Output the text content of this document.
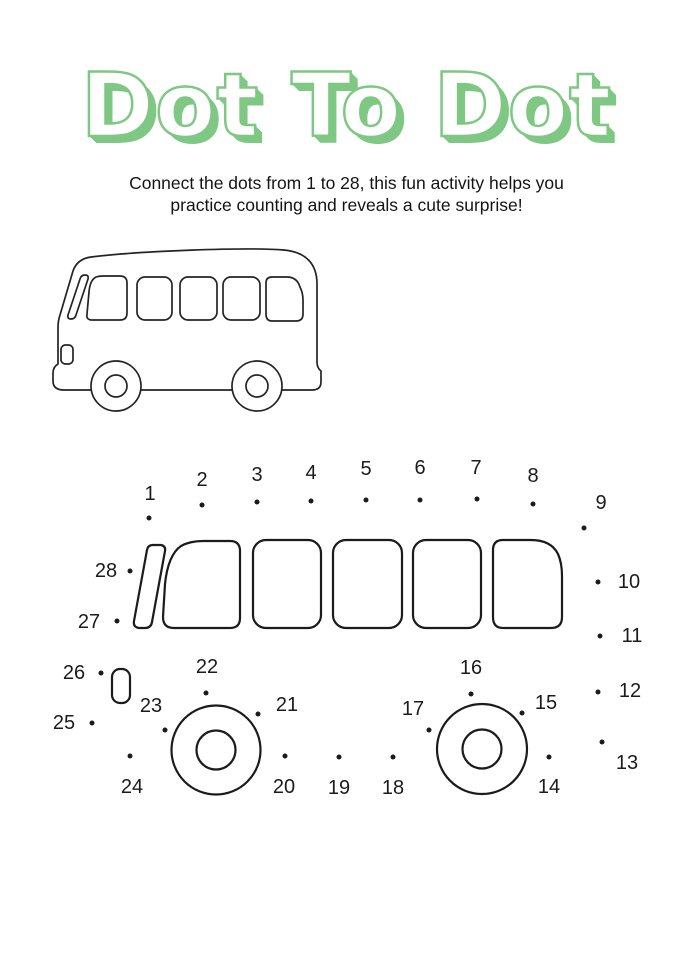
Dot To Dot
Connect the dots from 1 to 28, this fun activity helps you
practice counting and reveals a cute surprise!
1
2 3 4 5 6 7 8
9
10
11
12
13
14
15
16
17
18
19
20
21
22
23
24
25
26
27
28
